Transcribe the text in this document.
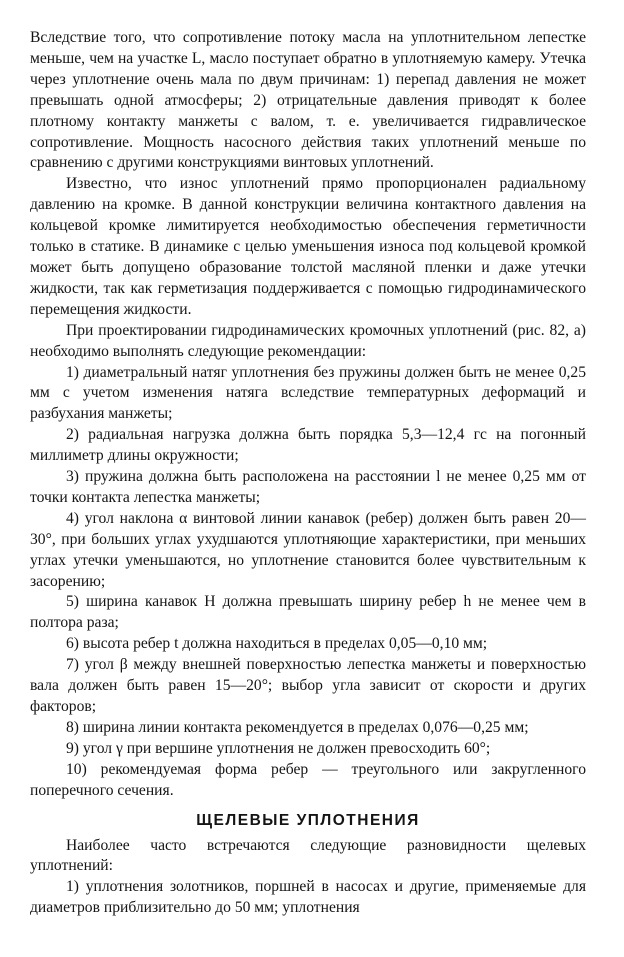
Вследствие того, что сопротивление потоку масла на уплотнительном лепестке меньше, чем на участке L, масло поступает обратно в уплотняемую камеру. Утечка через уплотнение очень мала по двум причинам: 1) перепад давления не может превышать одной атмосферы; 2) отрицательные давления приводят к более плотному контакту манжеты с валом, т. е. увеличивается гидравлическое сопротивление. Мощность насосного действия таких уплотнений меньше по сравнению с другими конструкциями винтовых уплотнений.

Известно, что износ уплотнений прямо пропорционален радиальному давлению на кромке. В данной конструкции величина контактного давления на кольцевой кромке лимитируется необходимостью обеспечения герметичности только в статике. В динамике с целью уменьшения износа под кольцевой кромкой может быть допущено образование толстой масляной пленки и даже утечки жидкости, так как герметизация поддерживается с помощью гидродинамического перемещения жидкости.

При проектировании гидродинамических кромочных уплотнений (рис. 82, а) необходимо выполнять следующие рекомендации:

1) диаметральный натяг уплотнения без пружины должен быть не менее 0,25 мм с учетом изменения натяга вследствие температурных деформаций и разбухания манжеты;

2) радиальная нагрузка должна быть порядка 5,3—12,4 гс на погонный миллиметр длины окружности;

3) пружина должна быть расположена на расстоянии l не менее 0,25 мм от точки контакта лепестка манжеты;

4) угол наклона α винтовой линии канавок (ребер) должен быть равен 20—30°, при больших углах ухудшаются уплотняющие характеристики, при меньших углах утечки уменьшаются, но уплотнение становится более чувствительным к засорению;

5) ширина канавок H должна превышать ширину ребер h не менее чем в полтора раза;

6) высота ребер t должна находиться в пределах 0,05—0,10 мм;

7) угол β между внешней поверхностью лепестка манжеты и поверхностью вала должен быть равен 15—20°; выбор угла зависит от скорости и других факторов;

8) ширина линии контакта рекомендуется в пределах 0,076—0,25 мм;

9) угол γ при вершине уплотнения не должен превосходить 60°;

10) рекомендуемая форма ребер — треугольного или закругленного поперечного сечения.

ЩЕЛЕВЫЕ УПЛОТНЕНИЯ

Наиболее часто встречаются следующие разновидности щелевых уплотнений:

1) уплотнения золотников, поршней в насосах и другие, применяемые для диаметров приблизительно до 50 мм; уплотнения
